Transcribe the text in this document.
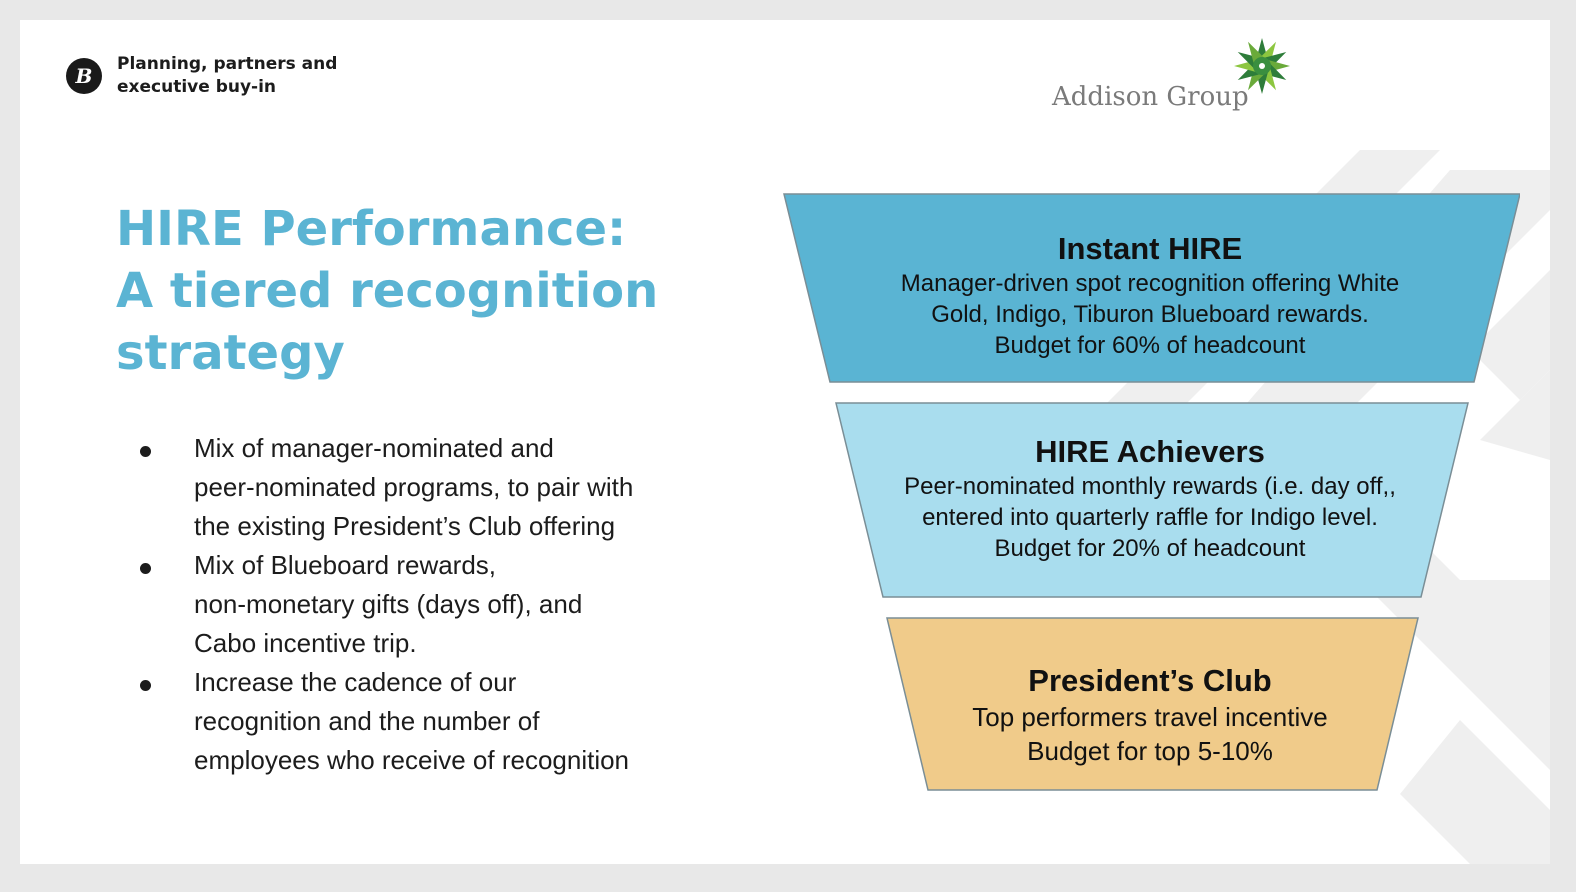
B	Planning, partners and
executive buy-in	Addison Group
HIRE Performance:
A tiered recognition
strategy
Mix of manager-nominated and
peer-nominated programs, to pair with
the existing President’s Club offering
Mix of Blueboard rewards,
non-monetary gifts (days off), and
Cabo incentive trip.
Increase the cadence of our
recognition and the number of
employees who receive of recognition
Instant HIRE
Manager-driven spot recognition offering White
Gold, Indigo, Tiburon Blueboard rewards.
Budget for 60% of headcount
HIRE Achievers
Peer-nominated monthly rewards (i.e. day off,,
entered into quarterly raffle for Indigo level.
Budget for 20% of headcount
President’s Club
Top performers travel incentive
Budget for top 5-10%
